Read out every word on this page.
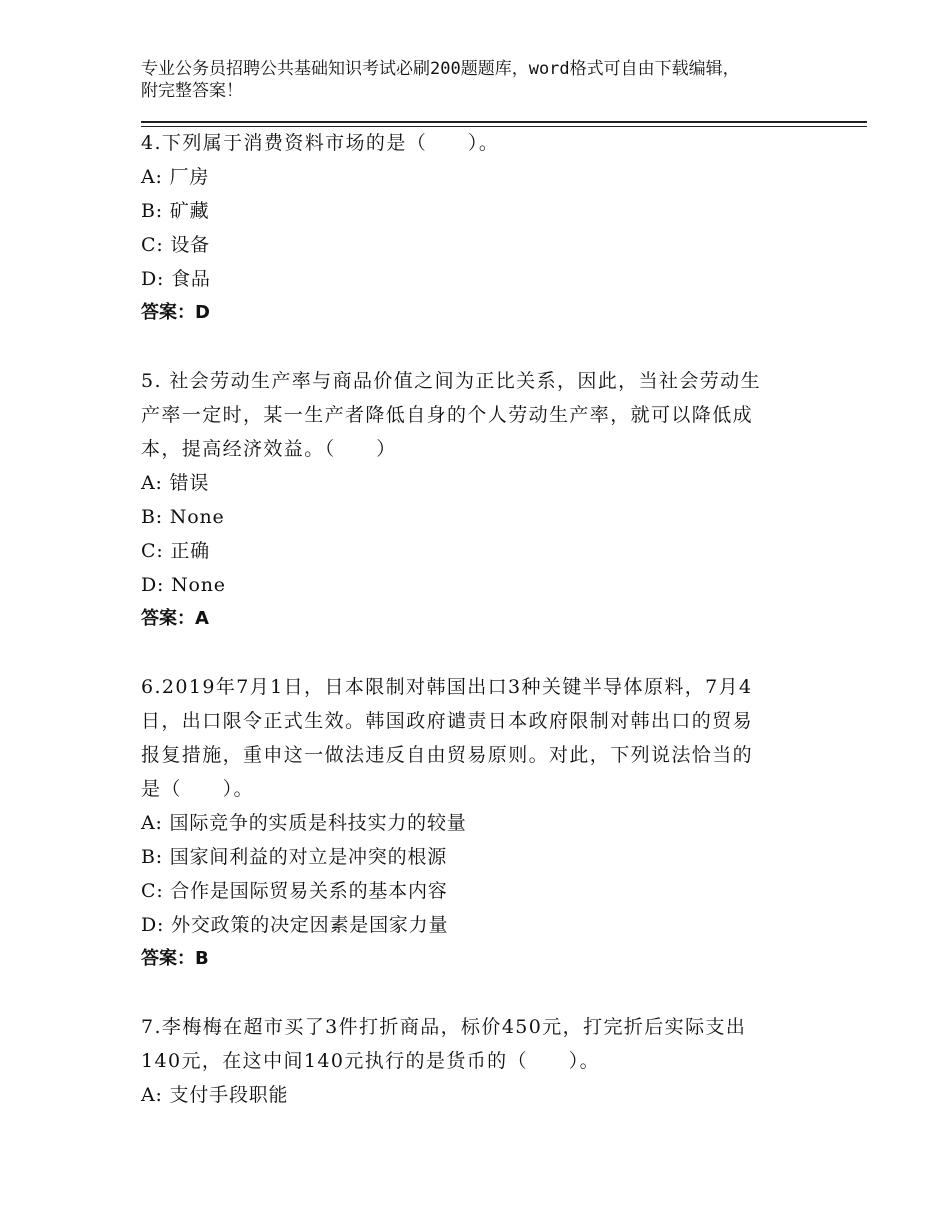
专业公务员招聘公共基础知识考试必刷200题题库，word格式可自由下载编辑，

附完整答案！

4.下列属于消费资料市场的是（　　）。

A: 厂房

B: 矿藏

C: 设备

D: 食品

答案：D

5. 社会劳动生产率与商品价值之间为正比关系，因此，当社会劳动生

产率一定时，某一生产者降低自身的个人劳动生产率，就可以降低成

本，提高经济效益。（　　）

A: 错误

B: None

C: 正确

D: None

答案：A

6.2019年7月1日，日本限制对韩国出口3种关键半导体原料，7月4

日，出口限令正式生效。韩国政府谴责日本政府限制对韩出口的贸易

报复措施，重申这一做法违反自由贸易原则。对此，下列说法恰当的

是（　　）。

A: 国际竞争的实质是科技实力的较量

B: 国家间利益的对立是冲突的根源

C: 合作是国际贸易关系的基本内容

D: 外交政策的决定因素是国家力量

答案：B

7.李梅梅在超市买了3件打折商品，标价450元，打完折后实际支出

140元，在这中间140元执行的是货币的（　　）。

A: 支付手段职能
